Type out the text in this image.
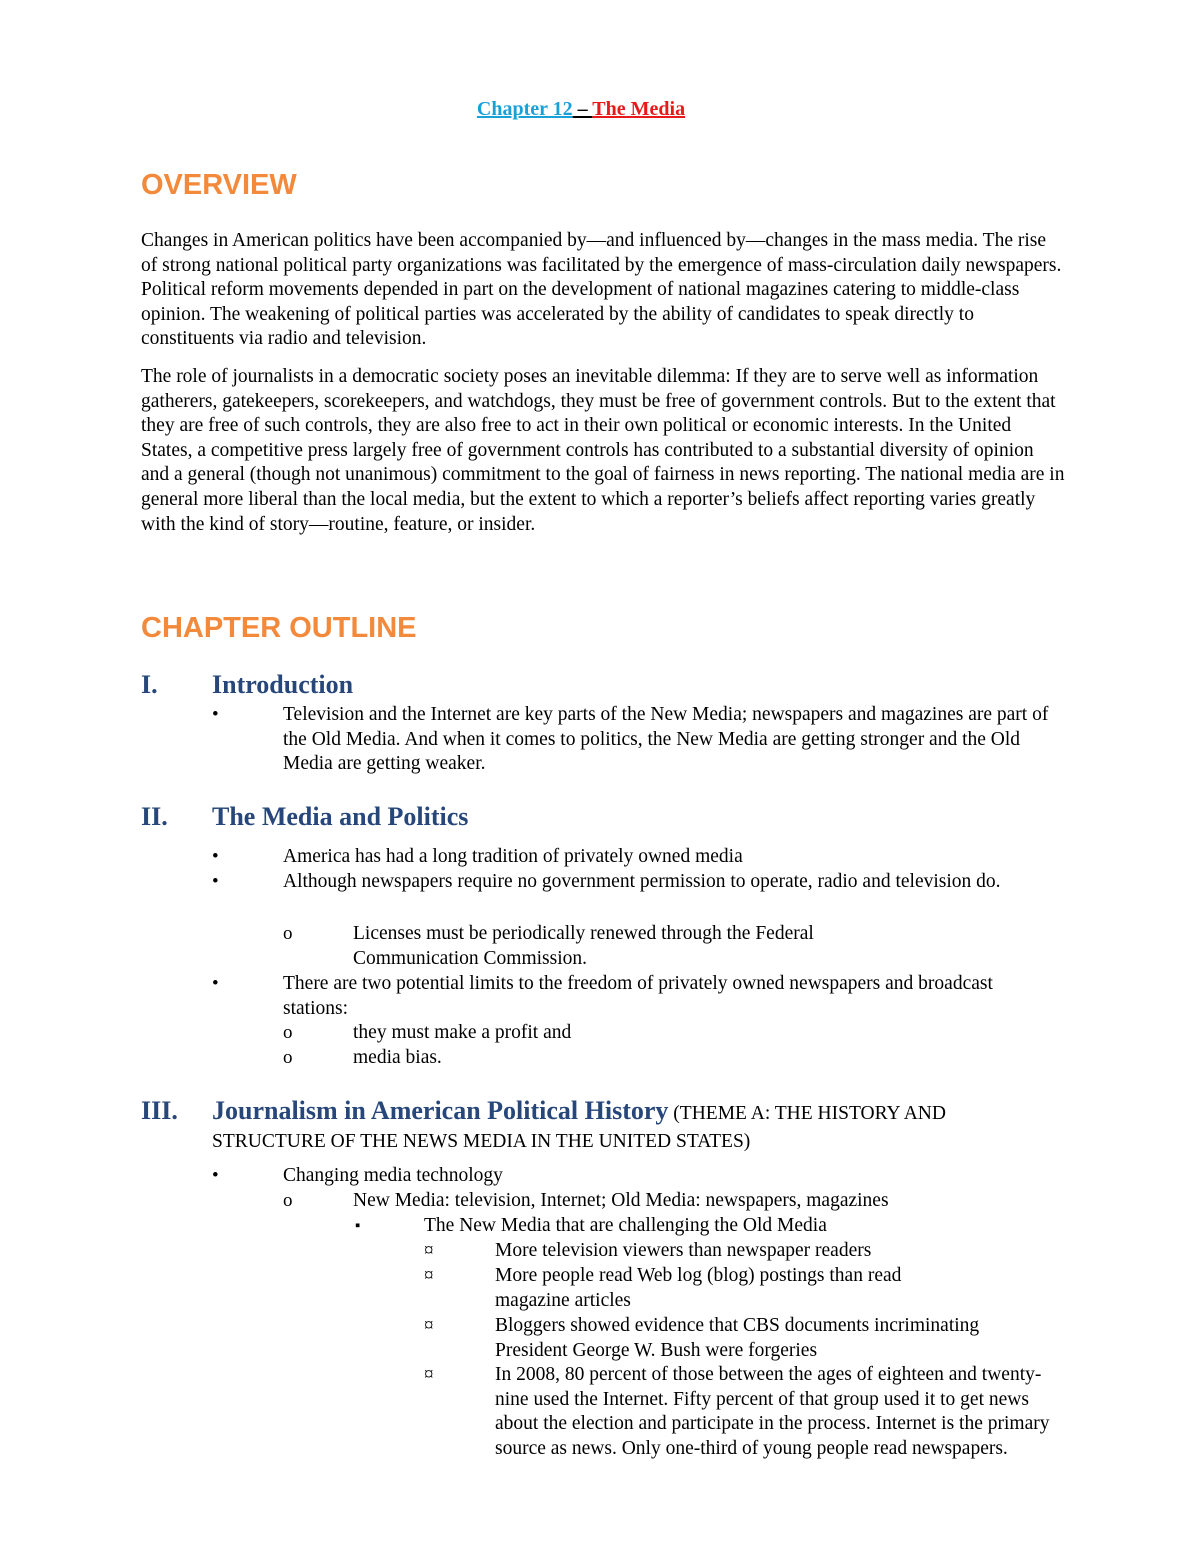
Chapter 12 – The Media
OVERVIEW

Changes in American politics have been accompanied by—and influenced by—changes in the mass media. The rise of strong national political party organizations was facilitated by the emergence of mass-circulation daily newspapers. Political reform movements depended in part on the development of national magazines catering to middle-class opinion. The weakening of political parties was accelerated by the ability of candidates to speak directly to constituents via radio and television.

The role of journalists in a democratic society poses an inevitable dilemma: If they are to serve well as information gatherers, gatekeepers, scorekeepers, and watchdogs, they must be free of government controls. But to the extent that they are free of such controls, they are also free to act in their own political or economic interests. In the United States, a competitive press largely free of government controls has contributed to a substantial diversity of opinion and a general (though not unanimous) commitment to the goal of fairness in news reporting. The national media are in general more liberal than the local media, but the extent to which a reporter’s beliefs affect reporting varies greatly with the kind of story—routine, feature, or insider.

CHAPTER OUTLINE
I. Introduction
•	Television and the Internet are key parts of the New Media; newspapers and magazines are part of the Old Media. And when it comes to politics, the New Media are getting stronger and the Old Media are getting weaker.
II. The Media and Politics
•	America has had a long tradition of privately owned media
•	Although newspapers require no government permission to operate, radio and television do.
o	Licenses must be periodically renewed through the Federal Communication Commission.
•	There are two potential limits to the freedom of privately owned newspapers and broadcast stations:
o	they must make a profit and
o	media bias.
III. Journalism in American Political History (THEME A: THE HISTORY AND
STRUCTURE OF THE NEWS MEDIA IN THE UNITED STATES)
•	Changing media technology
o	New Media: television, Internet; Old Media: newspapers, magazines
▪	The New Media that are challenging the Old Media
¤	More television viewers than newspaper readers
¤	More people read Web log (blog) postings than read magazine articles
¤	Bloggers showed evidence that CBS documents incriminating President George W. Bush were forgeries
¤	In 2008, 80 percent of those between the ages of eighteen and twenty-nine used the Internet. Fifty percent of that group used it to get news about the election and participate in the process. Internet is the primary source as news. Only one-third of young people read newspapers.
